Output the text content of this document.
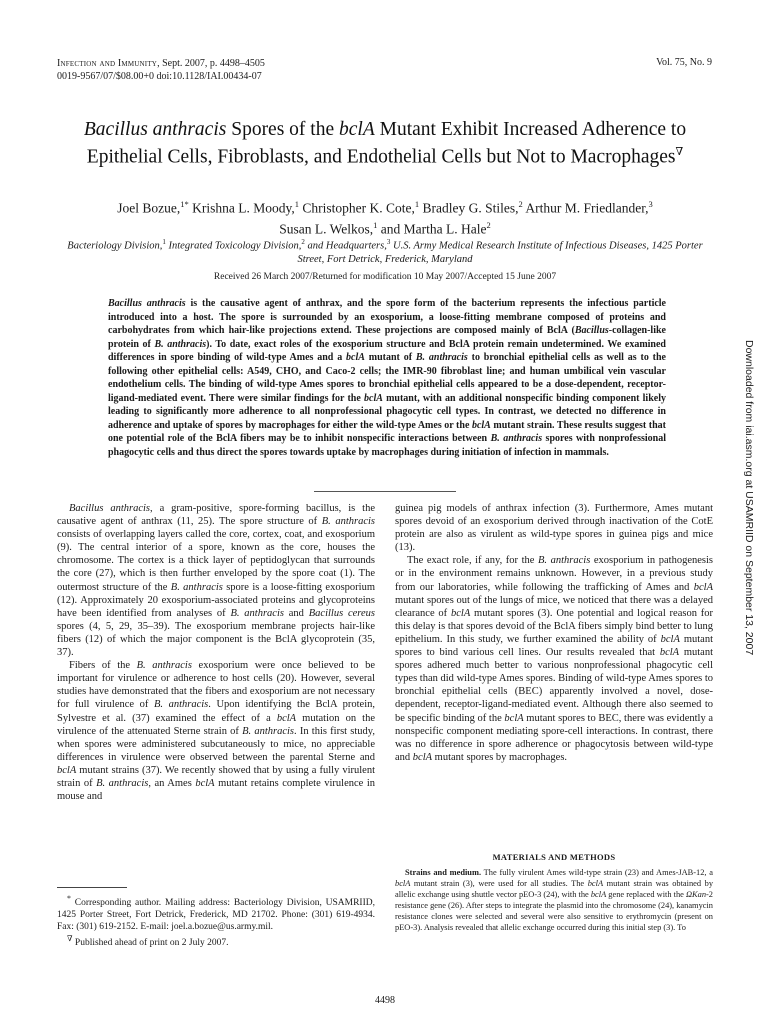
Infection and Immunity, Sept. 2007, p. 4498–4505
0019-9567/07/$08.00+0 doi:10.1128/IAI.00434-07
Vol. 75, No. 9
Bacillus anthracis Spores of the bclA Mutant Exhibit Increased Adherence to Epithelial Cells, Fibroblasts, and Endothelial Cells but Not to Macrophages∇
Joel Bozue,$^{1*}$ Krishna L. Moody,$^1$ Christopher K. Cote,$^1$ Bradley G. Stiles,$^2$ Arthur M. Friedlander,$^3$
Susan L. Welkos,$^1$ and Martha L. Hale$^2$
Bacteriology Division,$^1$ Integrated Toxicology Division,$^2$ and Headquarters,$^3$ U.S. Army Medical Research Institute of Infectious Diseases, 1425 Porter Street, Fort Detrick, Frederick, Maryland
Received 26 March 2007/Returned for modification 10 May 2007/Accepted 15 June 2007
Bacillus anthracis is the causative agent of anthrax, and the spore form of the bacterium represents the infectious particle introduced into a host. The spore is surrounded by an exosporium, a loose-fitting membrane composed of proteins and carbohydrates from which hair-like projections extend. These projections are composed mainly of BclA (Bacillus-collagen-like protein of B. anthracis). To date, exact roles of the exosporium structure and BclA protein remain undetermined. We examined differences in spore binding of wild-type Ames and a bclA mutant of B. anthracis to bronchial epithelial cells as well as to the following other epithelial cells: A549, CHO, and Caco-2 cells; the IMR-90 fibroblast line; and human umbilical vein vascular endothelium cells. The binding of wild-type Ames spores to bronchial epithelial cells appeared to be a dose-dependent, receptor-ligand-mediated event. There were similar findings for the bclA mutant, with an additional nonspecific binding component likely leading to significantly more adherence to all nonprofessional phagocytic cell types. In contrast, we detected no difference in adherence and uptake of spores by macrophages for either the wild-type Ames or the bclA mutant strain. These results suggest that one potential role of the BclA fibers may be to inhibit nonspecific interactions between B. anthracis spores with nonprofessional phagocytic cells and thus direct the spores towards uptake by macrophages during initiation of infection in mammals.	Downloaded from iai.asm.org at USAMRIID on September 13, 2007

Bacillus anthracis, a gram-positive, spore-forming bacillus, is the causative agent of anthrax (11, 25). The spore structure of B. anthracis consists of overlapping layers called the core, cortex, coat, and exosporium (9). The central interior of a spore, known as the core, houses the chromosome. The cortex is a thick layer of peptidoglycan that surrounds the core (27), which is then further enveloped by the spore coat (1). The outermost structure of the B. anthracis spore is a loose-fitting exosporium (12). Approximately 20 exosporium-associated proteins and glycoproteins have been identified from analyses of B. anthracis and Bacillus cereus spores (4, 5, 29, 35–39). The exosporium membrane projects hair-like fibers (12) of which the major component is the BclA glycoprotein (35, 37).

Fibers of the B. anthracis exosporium were once believed to be important for virulence or adherence to host cells (20). However, several studies have demonstrated that the fibers and exosporium are not necessary for full virulence of B. anthracis. Upon identifying the BclA protein, Sylvestre et al. (37) examined the effect of a bclA mutation on the virulence of the attenuated Sterne strain of B. anthracis. In this first study, when spores were administered subcutaneously to mice, no appreciable differences in virulence were observed between the parental Sterne and bclA mutant strains (37). We recently showed that by using a fully virulent strain of B. anthracis, an Ames bclA mutant retains complete virulence in mouse and

* Corresponding author. Mailing address: Bacteriology Division, USAMRIID, 1425 Porter Street, Fort Detrick, Frederick, MD 21702. Phone: (301) 619-4934. Fax: (301) 619-2152. E-mail: joel.a.bozue@us.army.mil.

∇ Published ahead of print on 2 July 2007.

guinea pig models of anthrax infection (3). Furthermore, Ames mutant spores devoid of an exosporium derived through inactivation of the CotE protein are also as virulent as wild-type spores in guinea pigs and mice (13).

The exact role, if any, for the B. anthracis exosporium in pathogenesis or in the environment remains unknown. However, in a previous study from our laboratories, while following the trafficking of Ames and bclA mutant spores out of the lungs of mice, we noticed that there was a delayed clearance of bclA mutant spores (3). One potential and logical reason for this delay is that spores devoid of the BclA fibers simply bind better to lung epithelium. In this study, we further examined the ability of bclA mutant spores to bind various cell lines. Our results revealed that bclA mutant spores adhered much better to various nonprofessional phagocytic cell types than did wild-type Ames spores. Binding of wild-type Ames spores to bronchial epithelial cells (BEC) apparently involved a novel, dose-dependent, receptor-ligand-mediated event. Although there also seemed to be specific binding of the bclA mutant spores to BEC, there was evidently a nonspecific component mediating spore-cell interactions. In contrast, there was no difference in spore adherence or phagocytosis between wild-type and bclA mutant spores by macrophages.

MATERIALS AND METHODS

Strains and medium. The fully virulent Ames wild-type strain (23) and Ames-JAB-12, a bclA mutant strain (3), were used for all studies. The bclA mutant strain was obtained by allelic exchange using shuttle vector pEO-3 (24), with the bclA gene replaced with the ΩKan-2 resistance gene (26). After steps to integrate the plasmid into the chromosome (24), kanamycin resistance clones were selected and several were also sensitive to erythromycin (present on pEO-3). Analysis revealed that allelic exchange occurred during this initial step (3). To

4498
